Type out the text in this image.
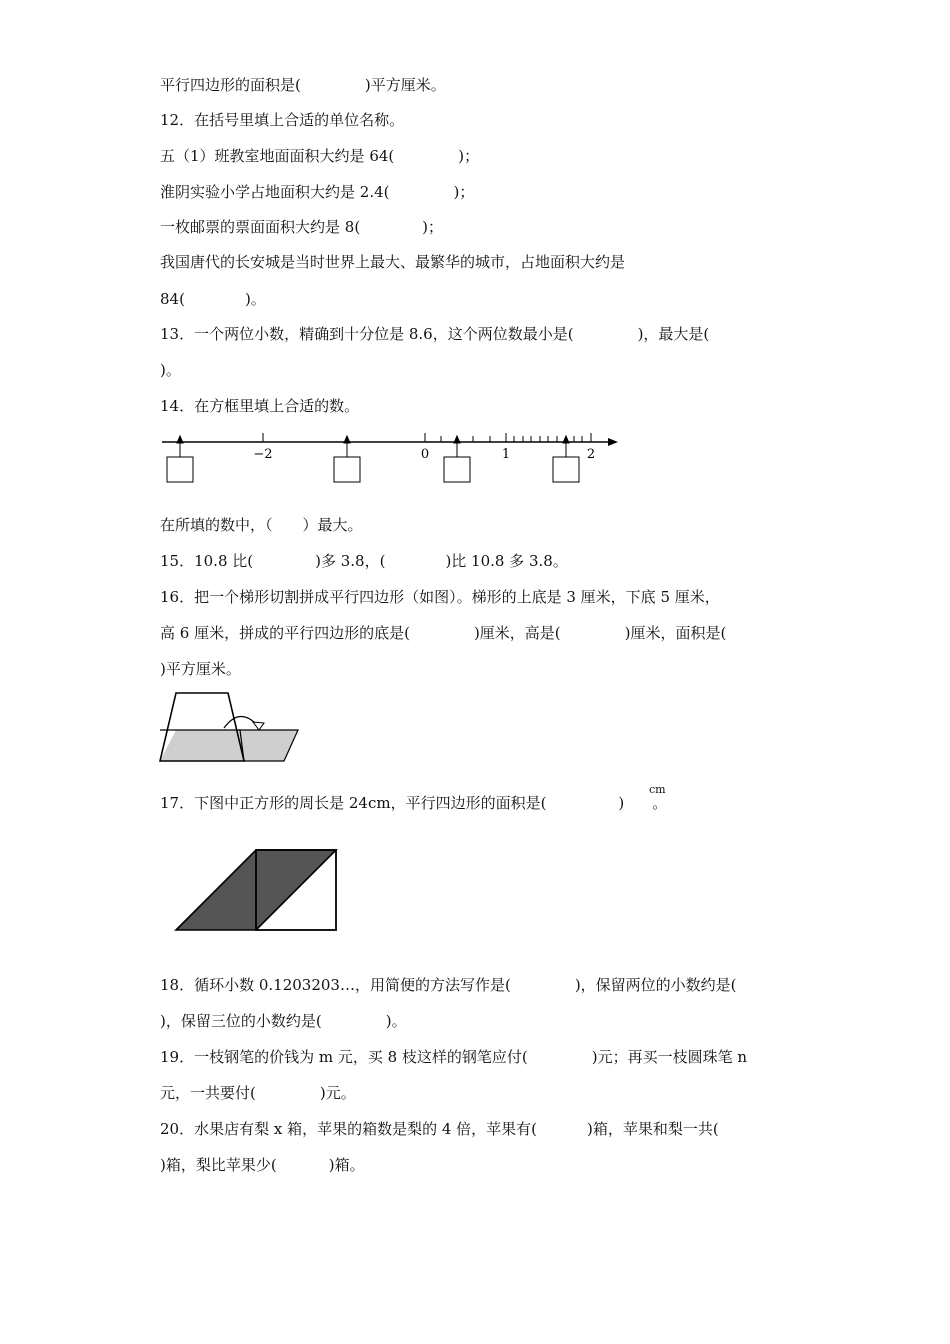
平行四边形的面积是(	)平方厘米。
12．在括号里填上合适的单位名称。
五（1）班教室地面面积大约是 64(	)；
淮阴实验小学占地面积大约是 2.4(	)；
一枚邮票的票面面积大约是 8(	)；
我国唐代的长安城是当时世界上最大、最繁华的城市，占地面积大约是
84(	)。
13．一个两位小数，精确到十分位是 8.6，这个两位数最小是(	)，最大是(
)。
14．在方框里填上合适的数。
−2	0	1	2
在所填的数中，（　　）最大。
15．10.8 比(	)多 3.8，(	)比 10.8 多 3.8。
16．把一个梯形切割拼成平行四边形（如图）。梯形的上底是 3 厘米，下底 5 厘米，
高 6 厘米，拼成的平行四边形的底是(	)厘米，高是(	)厘米，面积是(
)平方厘米。
17．下图中正方形的周长是 24cm，平行四边形的面积是(	) 。
cm
18．循环小数 0.1203203…，用简便的方法写作是(	)，保留两位的小数约是(
)，保留三位的小数约是(	)。
19．一枝钢笔的价钱为 m 元，买 8 枝这样的钢笔应付(	)元；再买一枝圆珠笔 n
元，一共要付(	)元。
20．水果店有梨 x 箱，苹果的箱数是梨的 4 倍，苹果有(	)箱，苹果和梨一共(
)箱，梨比苹果少(	)箱。
